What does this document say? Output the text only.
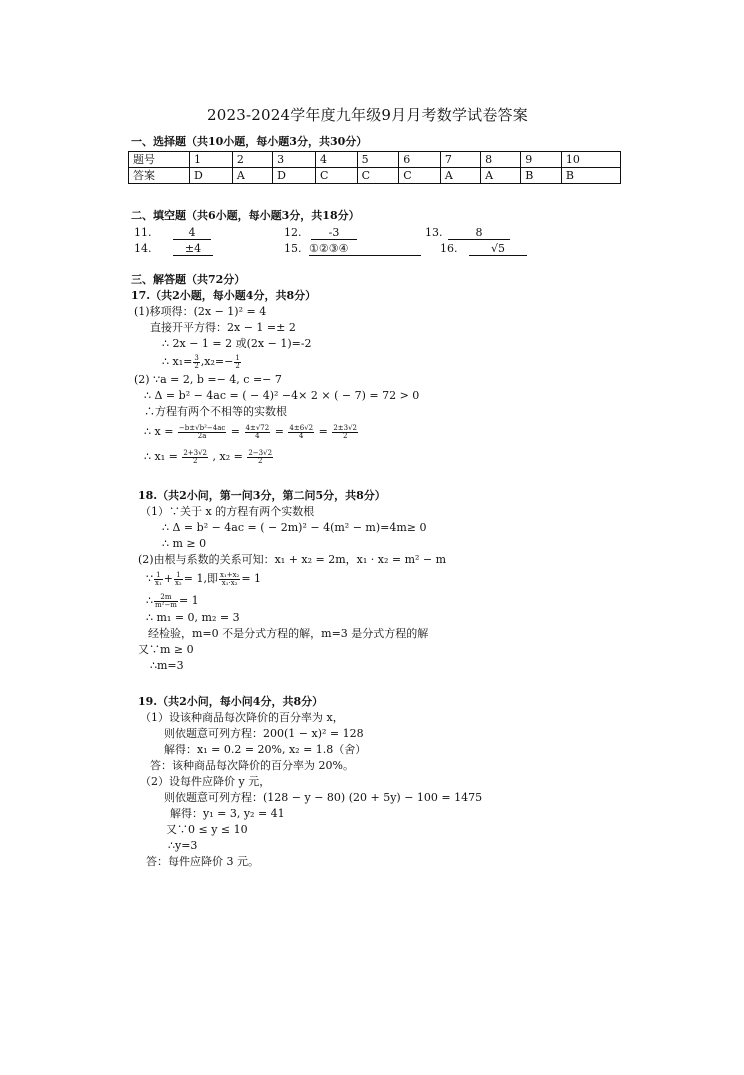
2023-2024学年度九年级9月月考数学试卷答案
一、选择题（共10小题，每小题3分，共30分）
题号	1	2	3	4	5	6	7	8	9	10
答案	D	A	D	C	C	C	A	A	B	B
二、填空题（共6小题，每小题3分，共18分）
11.	4	12. -3	13.	8
14.	±4	15. ①②③④	16.	√5
三、解答题（共72分）
17.（共2小题，每小题4分，共8分）
(1)移项得：(2x − 1)² = 4
直接开平方得：2x − 1 =± 2
∴ 2x − 1 = 2 或(2x − 1)=-2
∴ $x_1= \frac{3}{2} ,x_2=- \frac{1}{2}$
(2) ∵a = 2, b =− 4, c =− 7
∴ Δ = b² − 4ac = ( − 4)² −4× 2 × ( − 7) = 72 > 0
∴方程有两个不相等的实数根
∴ $x = \frac{\text{−b±√b²−4ac}}{2a} = \frac{4\pm√72}{4} = \frac{4\pm 6√2}{4} = \frac{2\pm 3√2}{2}$
∴ $x_1 = \frac{2+3√2}{2}$ , $x_2 = \frac{2-3√2}{2}$
18.（共2小问，第一问3分，第二问5分，共8分）
（1）∵关于 x 的方程有两个实数根
∴ Δ = b² − 4ac = ( − 2m)² − 4(m² − m)=4m≥ 0
∴ m ≥ 0
(2)由根与系数的关系可知：x₁ + x₂ = 2m，x₁ · x₂ = m² − m
∵ $\frac{1}{\text{x₁}} + \frac{1}{\text{x₂}} = 1$,即 $\frac{\text{x₁+x₂}}{\text{x₁·x₂}} = 1$
∴ $\frac{2m}{\text{m²−m}} = 1$
∴ m₁ = 0, m₂ = 3
经检验，m=0 不是分式方程的解，m=3 是分式方程的解
又∵m ≥ 0
∴m=3
19.（共2小问，每小问4分，共8分）
（1）设该种商品每次降价的百分率为 x，
则依题意可列方程：200(1 − x)² = 128
解得：x₁ = 0.2 = 20%, x₂ = 1.8（舍）
答：该种商品每次降价的百分率为 20%。
（2）设每件应降价 y 元，
则依题意可列方程：(128 − y − 80) (20 + 5y) − 100 = 1475
解得：y₁ = 3, y₂ = 41
又∵0 ≤ y ≤ 10
∴y=3
答：每件应降价 3 元。
